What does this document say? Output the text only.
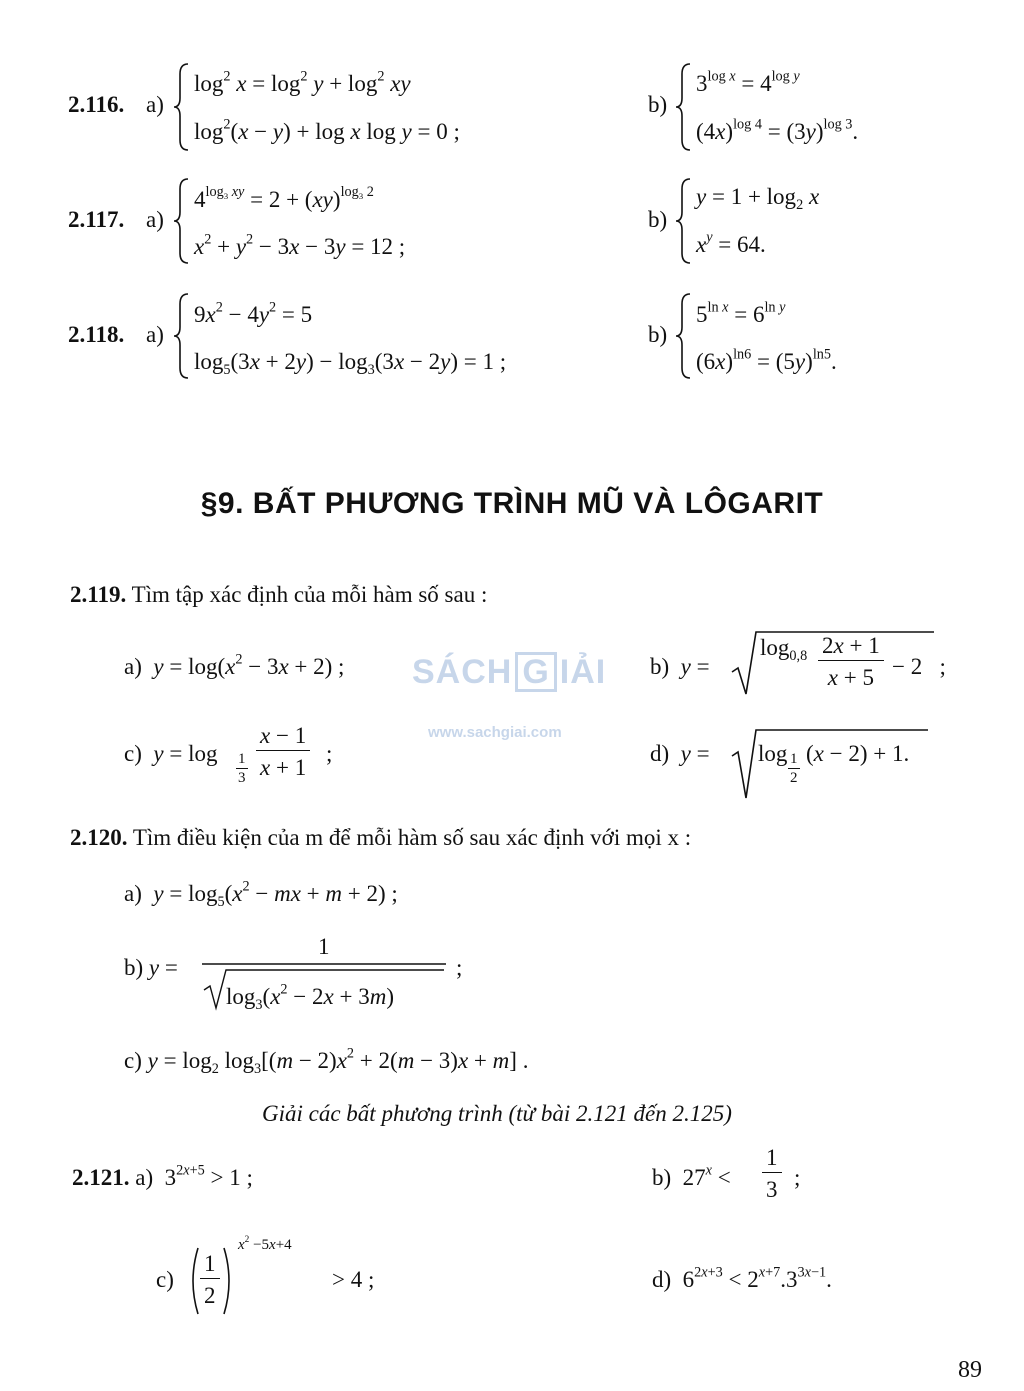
2.116. a)
$\log^2 x = \log^2 y + \log^2$ xy
$\log^2(x - y) + \log x$ log y = 0 ;
b)
$3^{log x} = 4^{log y}$
$(4x)^{log 4} = (3y)^{log 3}$.
2.117. a)
$4^{log_3 xy} = 2 + (xy)^{log_3 2}$
$x^2 + y^2 - 3x - 3y = 12$ ;
b)
$y = 1 + \log_2 x$
$x^y = 64$.
2.118. a)
$9x^2 - 4y^2 = 5$
$\log_5(3x + 2y) - \log_3(3x - 2y) = 1$ ;
b)
$5^{ln x} = 6^{ln y}$
$(6x)^{ln6} = (5y)^{ln5}$.
§9. BẤT PHƯƠNG TRÌNH MŨ VÀ LÔGARIT
2.119. Tìm tập xác định của mỗi hàm số sau :
a)  $y = \log(x^2 - 3x + 2)$ ;	b)  y =
$\log_{0,8} 2x + 1$
x + 5 − 2   ;
c)  y = log 1
3
x − 1
x + 1
;
SÁCH G IẢI
www.sachgiai.com
d)  y = log 1
2
(x − 2) + 1.
2.120. Tìm điều kiện của m để mỗi hàm số sau xác định với mọi x :
a)  $y = \log_5(x^2$ − mx + m + 2) ;
b) y =
1
$\log_3(x^2 - 2x + 3m)$
;
c) $y = \log_2 \log_3[(m - 2)x^2 + 2(m - 3)x + m]$ .
Giải các bất phương trình (từ bài 2.121 đến 2.125)
2.121. a)  $3^{2x+5} > 1$ ;	b)  $27^x$ <
1
3 ;
c)
1
2
$x^2 -5x+4$
> 4 ;	d)  $6^{2x+3} < 2^{x+7}.3^{3x-1}$.
89
